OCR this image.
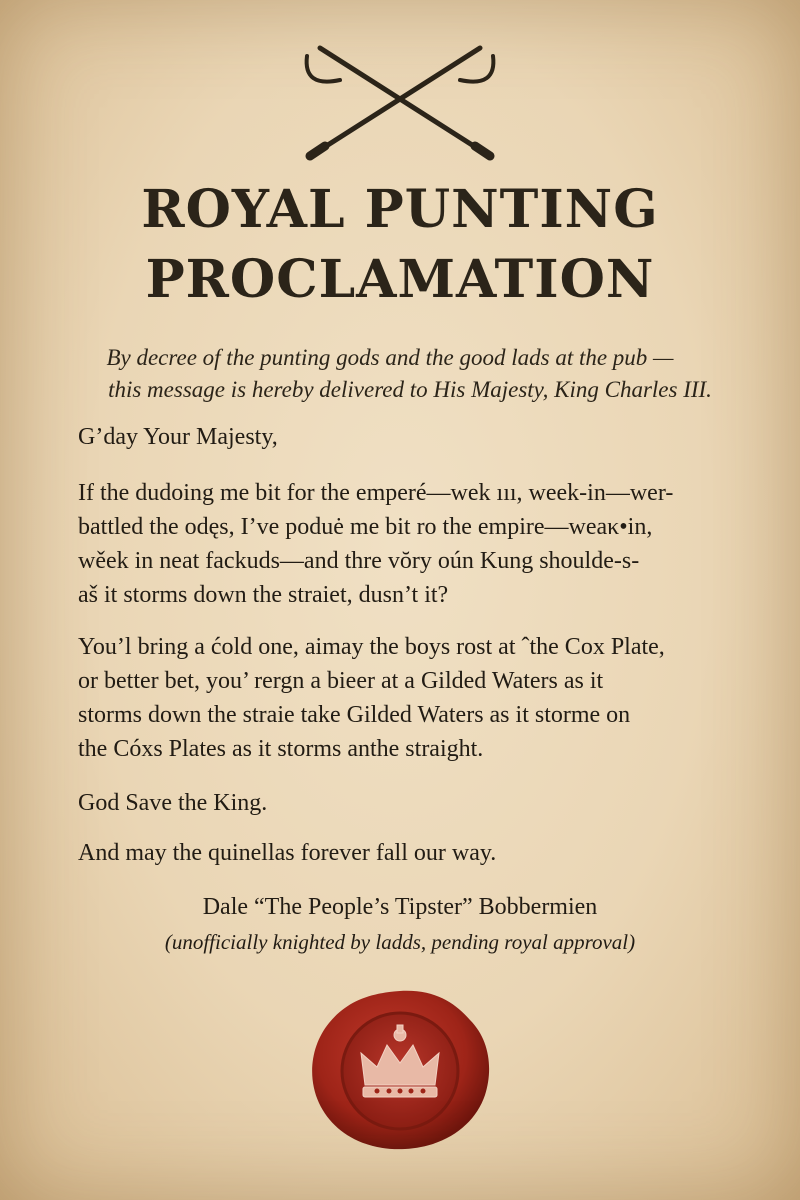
ROYAL PUNTING
PROCLAMATION
By decree of the punting gods and the good lads at the pub —
this message is hereby delivered to His Majesty, King Charles III.
G’day Your Majesty,
If the dudoing me bit for the emperé—wek ııı, week-in—wer-
battled the odęs, I’ve poduė me bit ro the empire—weaκ•in,
wěek in neat fackuds—and thre vŏry oún Kung shoulde-s-
aš it storms down the straiet, dusn’t it?
You’l bring a ćold one, aimay the boys rost at ˆthe Cox Plate,
or better bet, you’ rergn a bieer at a Gilded Waters as it
storms down the straie take Gilded Waters as it storme on
the Cóxs Plates as it storms anthe straight.
God Save the King.
And may the quinellas forever fall our way.
Dale “The People’s Tipster” Bobbermien
(unofficially knighted by ladds, pending royal approval)
